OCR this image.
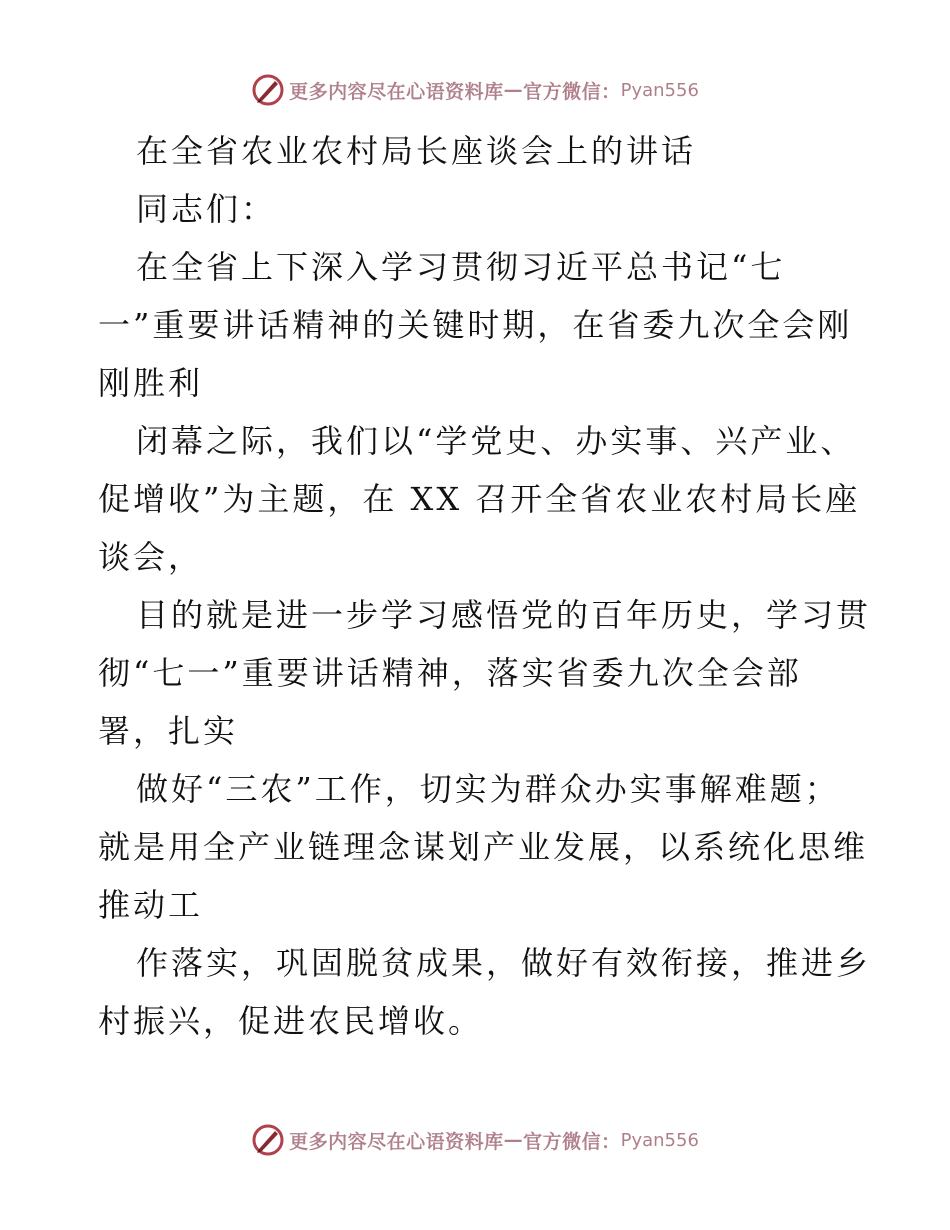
更多内容尽在心语资料库 — 官方微信： Pyan556
在全省农业农村局长座谈会上的讲话
同志们：
在全省上下深入学习贯彻习近平总书记“七
一”重要讲话精神的关键时期，在省委九次全会刚
刚胜利
闭幕之际，我们以“学党史、办实事、兴产业、
促增收”为主题，在 XX 召开全省农业农村局长座
谈会，
目的就是进一步学习感悟党的百年历史，学习贯
彻“七一”重要讲话精神，落实省委九次全会部
署，扎实
做好“三农”工作，切实为群众办实事解难题；
就是用全产业链理念谋划产业发展，以系统化思维
推动工
作落实，巩固脱贫成果，做好有效衔接，推进乡
村振兴，促进农民增收。
更多内容尽在心语资料库 — 官方微信： Pyan556
